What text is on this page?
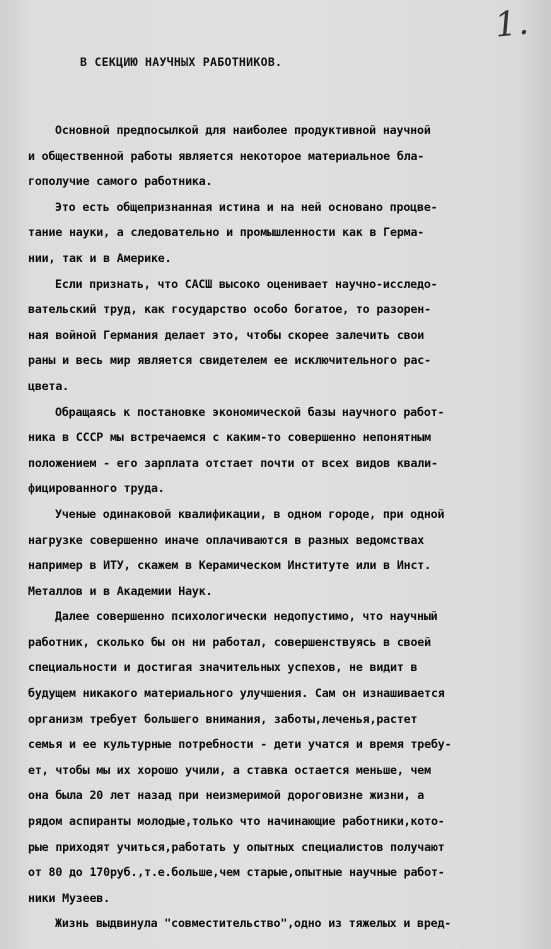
1.
В СЕКЦИЮ НАУЧНЫХ РАБОТНИКОВ.
Основной предпосылкой для наиболее продуктивной научной
и общественной работы является некоторое материальное бла-
гополучие самого работника.
Это есть общепризнанная истина и на ней основано процве-
тание науки, а следовательно и промышленности как в Герма-
нии, так и в Америке.
Если признать, что САСШ высоко оценивает научно-исследо-
вательский труд, как государство особо богатое, то разорен-
ная войной Германия делает это, чтобы скорее залечить свои
раны и весь мир является свидетелем ее исключительного рас-
цвета.
Обращаясь к постановке экономической базы научного работ-
ника в СССР мы встречаемся с каким-то совершенно непонятным
положением - его зарплата отстает почти от всех видов квали-
фицированного труда.
Ученые одинаковой квалификации, в одном городе, при одной
нагрузке совершенно иначе оплачиваются в разных ведомствах
например в ИТУ, скажем в Керамическом Институте или в Инст.
Металлов и в Академии Наук.
Далее совершенно психологически недопустимо, что научный
работник, сколько бы он ни работал, совершенствуясь в своей
специальности и достигая значительных успехов, не видит в
будущем никакого материального улучшения. Сам он изнашивается
организм требует большего внимания, заботы,леченья,растет
семья и ее культурные потребности - дети учатся и время требу-
ет, чтобы мы их хорошо учили, а ставка остается меньше, чем
она была 20 лет назад при неизмеримой дороговизне жизни, а
рядом аспиранты молодые,только что начинающие работники,кото-
рые приходят учиться,работать у опытных специалистов получают
от 80 до 170руб.,т.е.больше,чем старые,опытные научные работ-
ники Музеев.
Жизнь выдвинула "совместительство",одно из тяжелых и вред-
